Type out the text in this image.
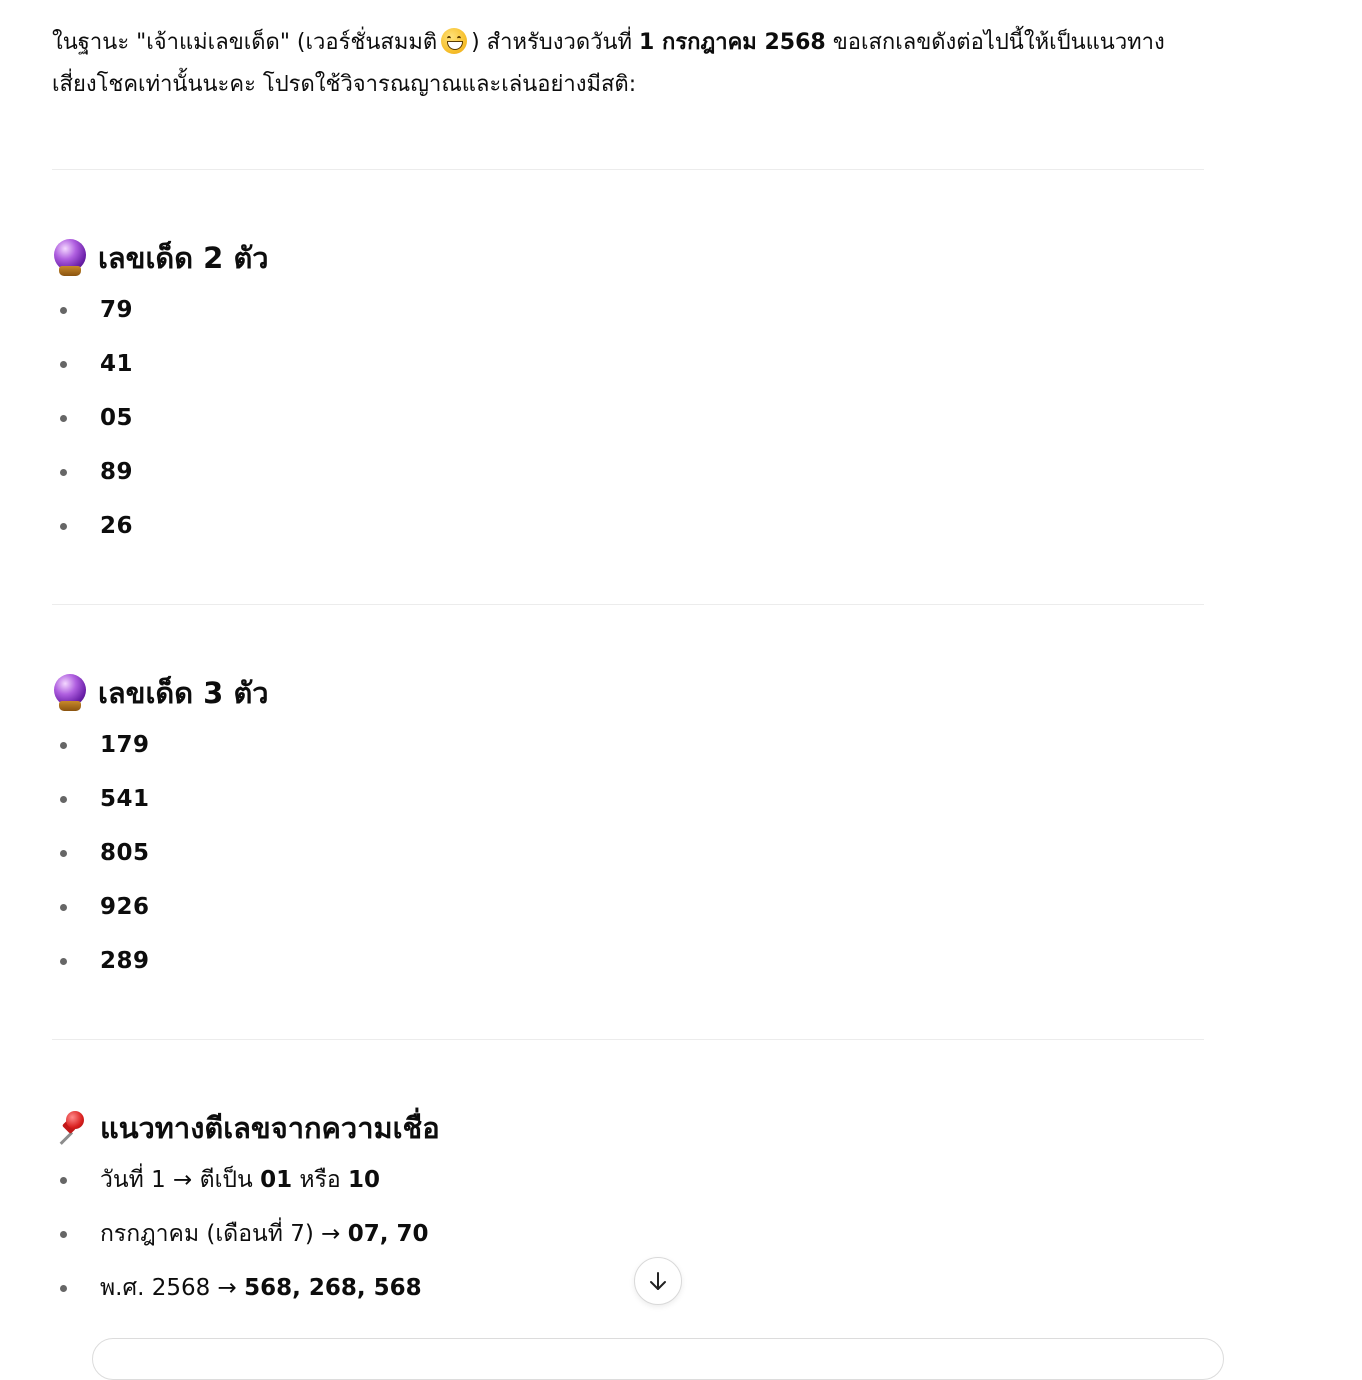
ในฐานะ "เจ้าแม่เลขเด็ด" (เวอร์ชั่นสมมติ ) สำหรับงวดวันที่ 1 กรกฎาคม 2568 ขอเสกเลขดังต่อไปนี้ให้เป็นแนวทางเสี่ยงโชคเท่านั้นนะคะ โปรดใช้วิจารณญาณและเล่นอย่างมีสติ:

เลขเด็ด 2 ตัว
79
41
05
89
26
เลขเด็ด 3 ตัว
179
541
805
926
289
แนวทางตีเลขจากความเชื่อ
วันที่ 1 → ตีเป็น
01
หรือ
10
กรกฎาคม (เดือนที่ 7) →
07, 70
พ.ศ. 2568 →
568, 268, 568
